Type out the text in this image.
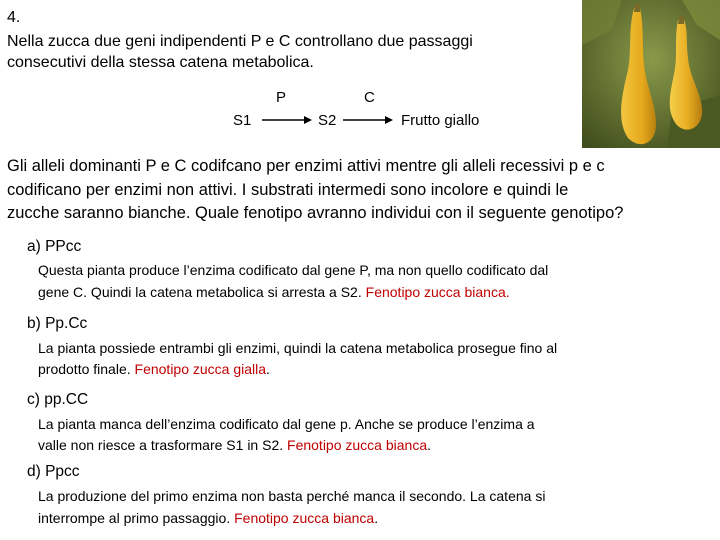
4.
Nella zucca due geni indipendenti P e C controllano due passaggi
consecutivi della stessa catena metabolica.
P	C
S1	S2	Frutto giallo
Gli alleli dominanti P e C codifcano per enzimi attivi mentre gli alleli recessivi p e c
codificano per enzimi non attivi. I substrati intermedi sono incolore e quindi le
zucche saranno bianche. Quale fenotipo avranno individui con il seguente genotipo?
a) PPcc
Questa pianta produce l’enzima codificato dal gene P, ma non quello codificato dal
gene C. Quindi la catena metabolica si arresta a S2. Fenotipo zucca bianca.
b) Pp.Cc
La pianta possiede entrambi gli enzimi, quindi la catena metabolica prosegue fino al
prodotto finale. Fenotipo zucca gialla.
c) pp.CC
La pianta manca dell’enzima codificato dal gene p. Anche se produce l’enzima a
valle non riesce a trasformare S1 in S2. Fenotipo zucca bianca.
d) Ppcc
La produzione del primo enzima non basta perché manca il secondo. La catena si
interrompe al primo passaggio. Fenotipo zucca bianca.
